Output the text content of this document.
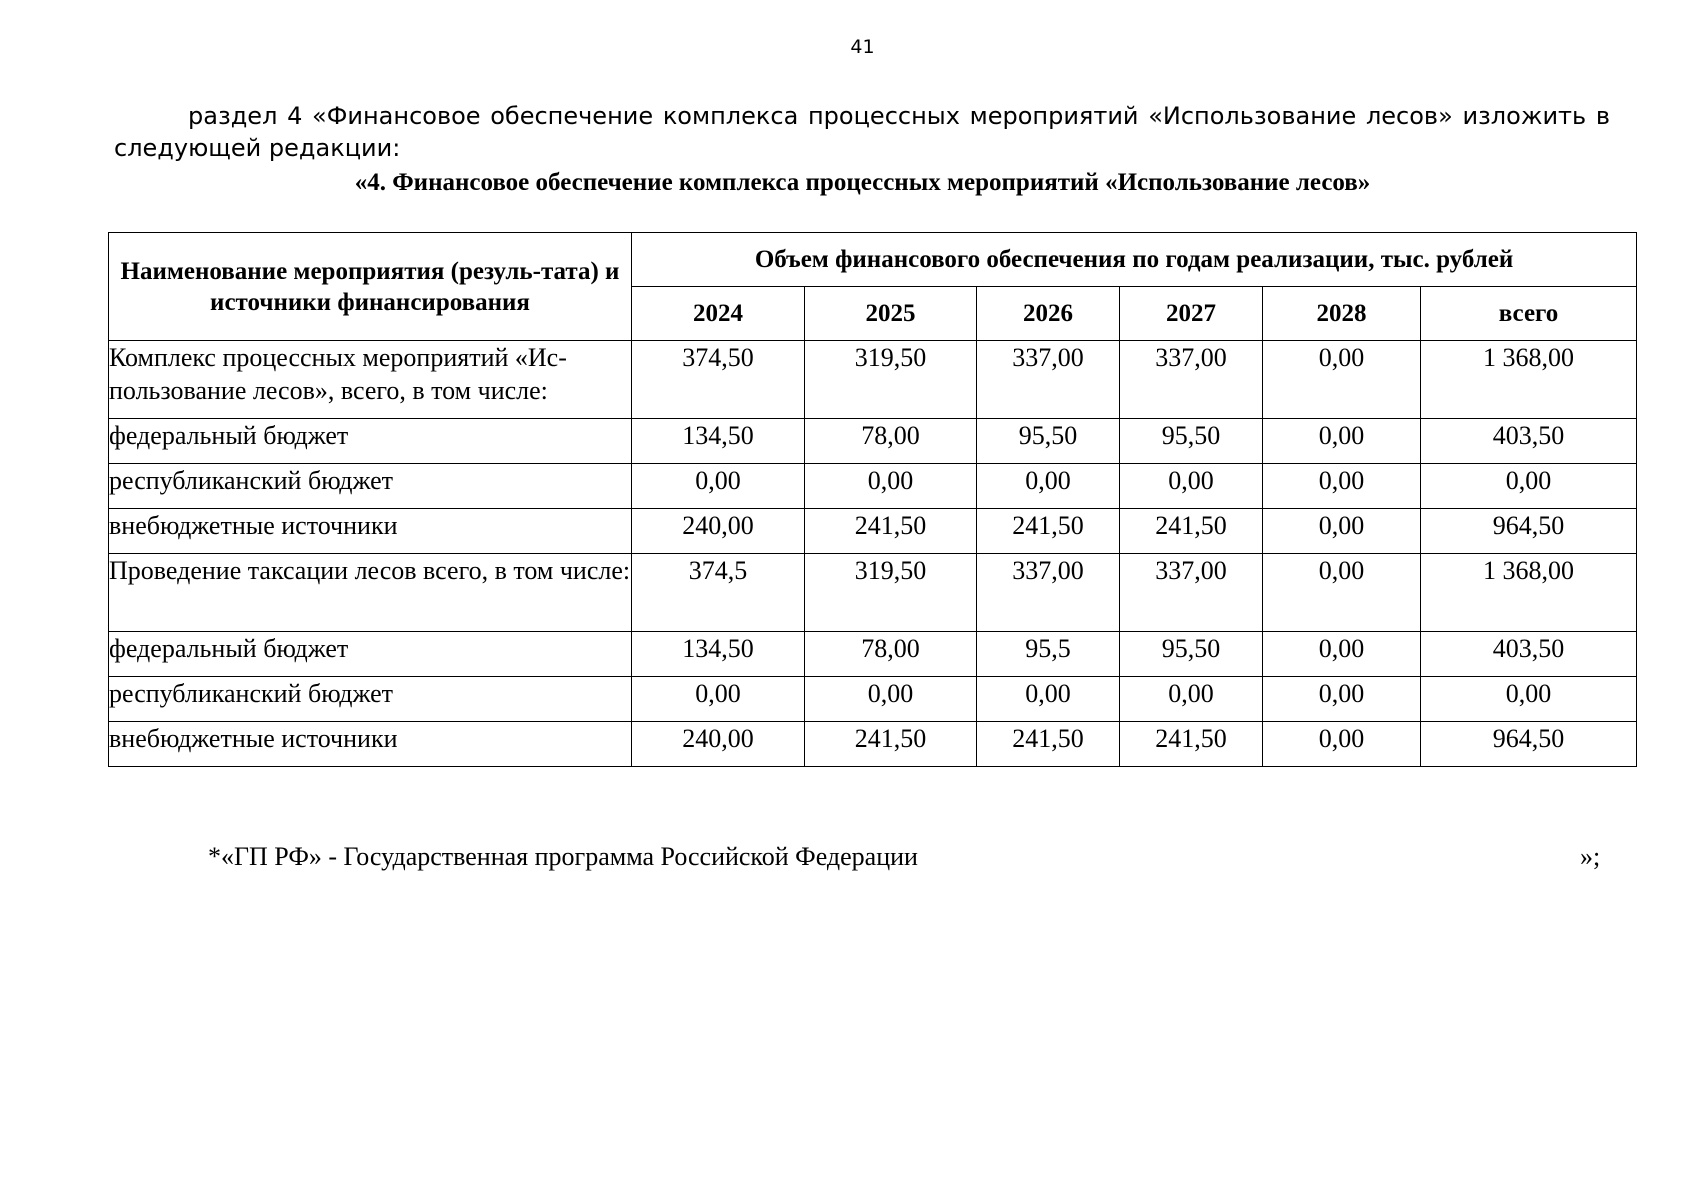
41

раздел 4 «Финансовое обеспечение комплекса процессных мероприятий «Использование лесов» изложить в следующей редакции:

«4. Финансовое обеспечение комплекса процессных мероприятий «Использование лесов»
Наименование мероприятия (резуль-тата) и источники финансирования	Объем финансового обеспечения по годам реализации, тыс. рублей					
	2024	2025	2026	2027	2028	всего
Комплекс процессных мероприятий «Ис-пользование лесов», всего, в том числе:	374,50	319,50	337,00	337,00	0,00	1 368,00
федеральный бюджет	134,50	78,00	95,50	95,50	0,00	403,50
республиканский бюджет	0,00	0,00	0,00	0,00	0,00	0,00
внебюджетные источники	240,00	241,50	241,50	241,50	0,00	964,50
Проведение таксации лесов всего, в том числе:	374,5	319,50	337,00	337,00	0,00	1 368,00
федеральный бюджет	134,50	78,00	95,5	95,50	0,00	403,50
республиканский бюджет	0,00	0,00	0,00	0,00	0,00	0,00
внебюджетные источники	240,00	241,50	241,50	241,50	0,00	964,50
*«ГП РФ» - Государственная программа Российской Федерации	»;
